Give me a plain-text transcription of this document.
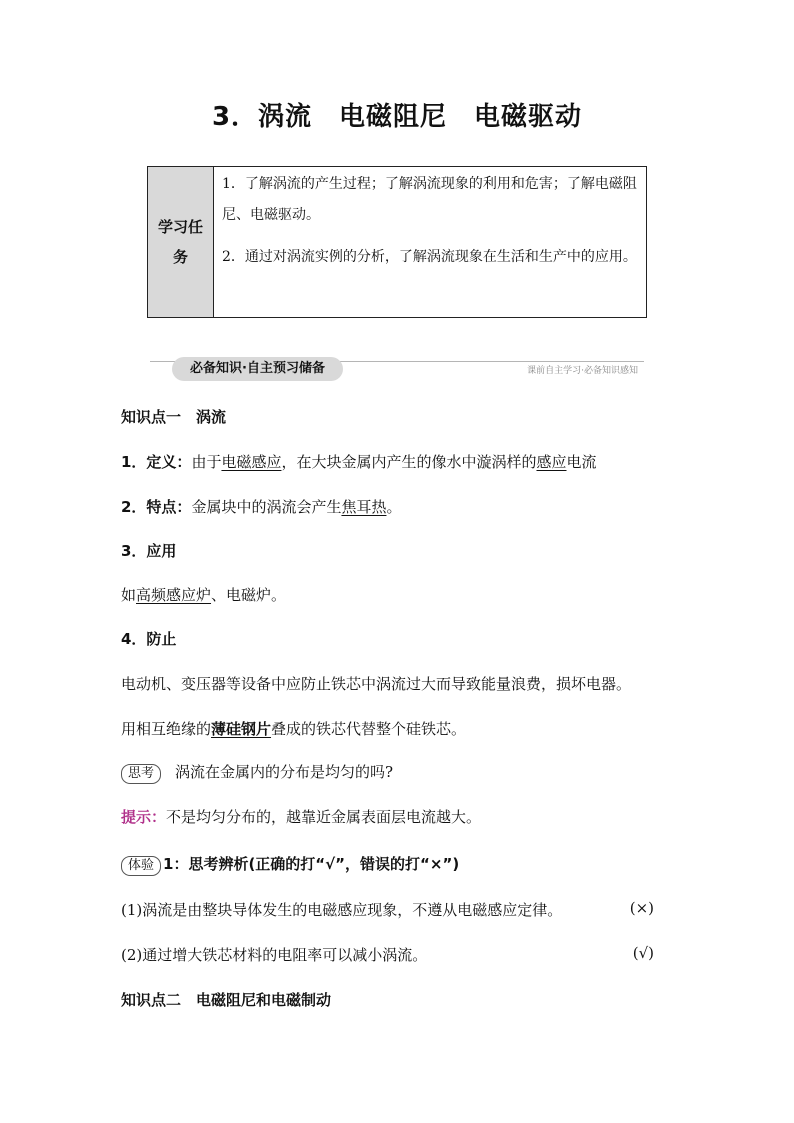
3．涡流　电磁阻尼　电磁驱动
学习任务

1．了解涡流的产生过程；了解涡流现象的利用和危害；了解电磁阻尼、电磁驱动。

2．通过对涡流实例的分析，了解涡流现象在生活和生产中的应用。

必备知识·自主预习储备	课前自主学习·必备知识感知
知识点一　涡流
1．定义：由于电磁感应，在大块金属内产生的像水中漩涡样的感应电流
2．特点：金属块中的涡流会产生焦耳热。
3．应用
如高频感应炉、电磁炉。
4．防止
电动机、变压器等设备中应防止铁芯中涡流过大而导致能量浪费，损坏电器。
用相互绝缘的薄硅钢片叠成的铁芯代替整个硅铁芯。
思考 涡流在金属内的分布是均匀的吗?
提示：不是均匀分布的，越靠近金属表面层电流越大。
体验 1：思考辨析(正确的打“√”，错误的打“×”)
(1)涡流是由整块导体发生的电磁感应现象，不遵从电磁感应定律。	(×)
(2)通过增大铁芯材料的电阻率可以减小涡流。	(√)
知识点二　电磁阻尼和电磁制动
